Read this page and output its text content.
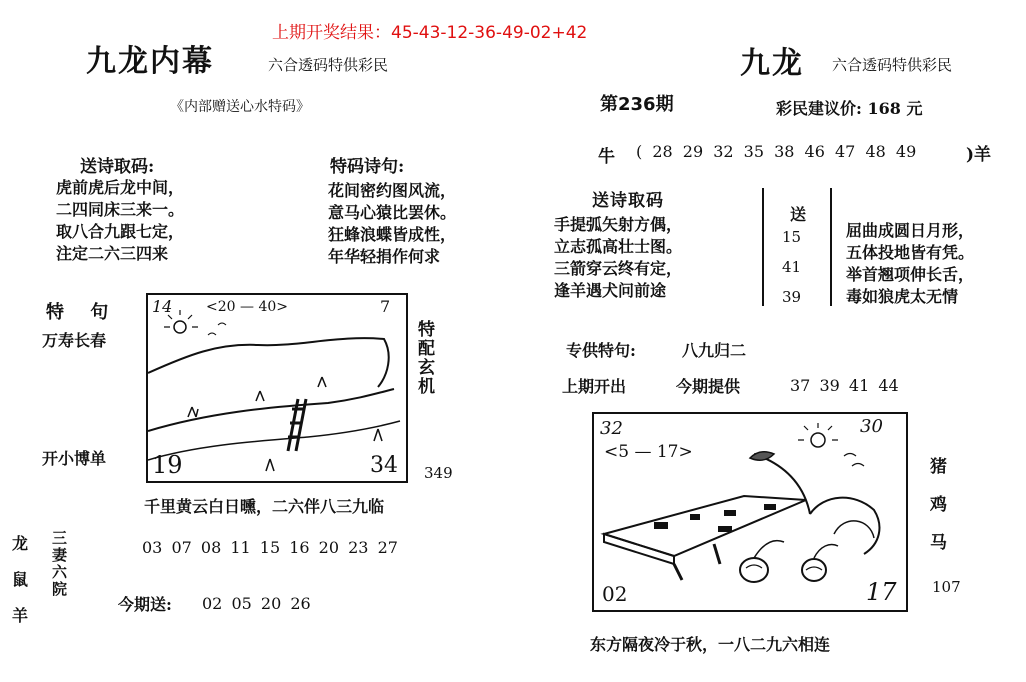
上期开奖结果：45-43-12-36-49-02+42
九龙内幕	六合透码特供彩民
《内部赠送心水特码》
送诗取码:
虎前虎后龙中间，
二四同床三来一。
取八合九跟七定，
注定二六三四来
特码诗句:
花间密约图风流，
意马心猿比罢休。
狂蜂浪蝶皆成性，
年华轻捐作何求
特 句
万寿长春
开小博单
14 <20 — 40>	7
19	34
特配玄机
349
千里黄云白日曛，二六伴八三九临
龙
鼠
羊
三妻六院	03 07 08 11 15 16 20 23 27
今期送: 02 05 20 26
九龙 六合透码特供彩民
第236期	彩民建议价: 168 元
牛 ( 28 29 32 35 38 46 47 48 49	)羊
送诗取码
手提弧矢射方偶，
立志孤高壮士图。
三箭穿云终有定，
逢羊遇犬问前途
送
15
41
39
屈曲成圆日月形，
五体投地皆有凭。
举首翘项伸长舌，
毒如狼虎太无情
专供特句:	八九归二
上期开出	今期提供	37 39 41 44
32
<5 — 17>
30
02	17
猪
鸡
马
107
东方隔夜冷于秋，一八二九六相连
